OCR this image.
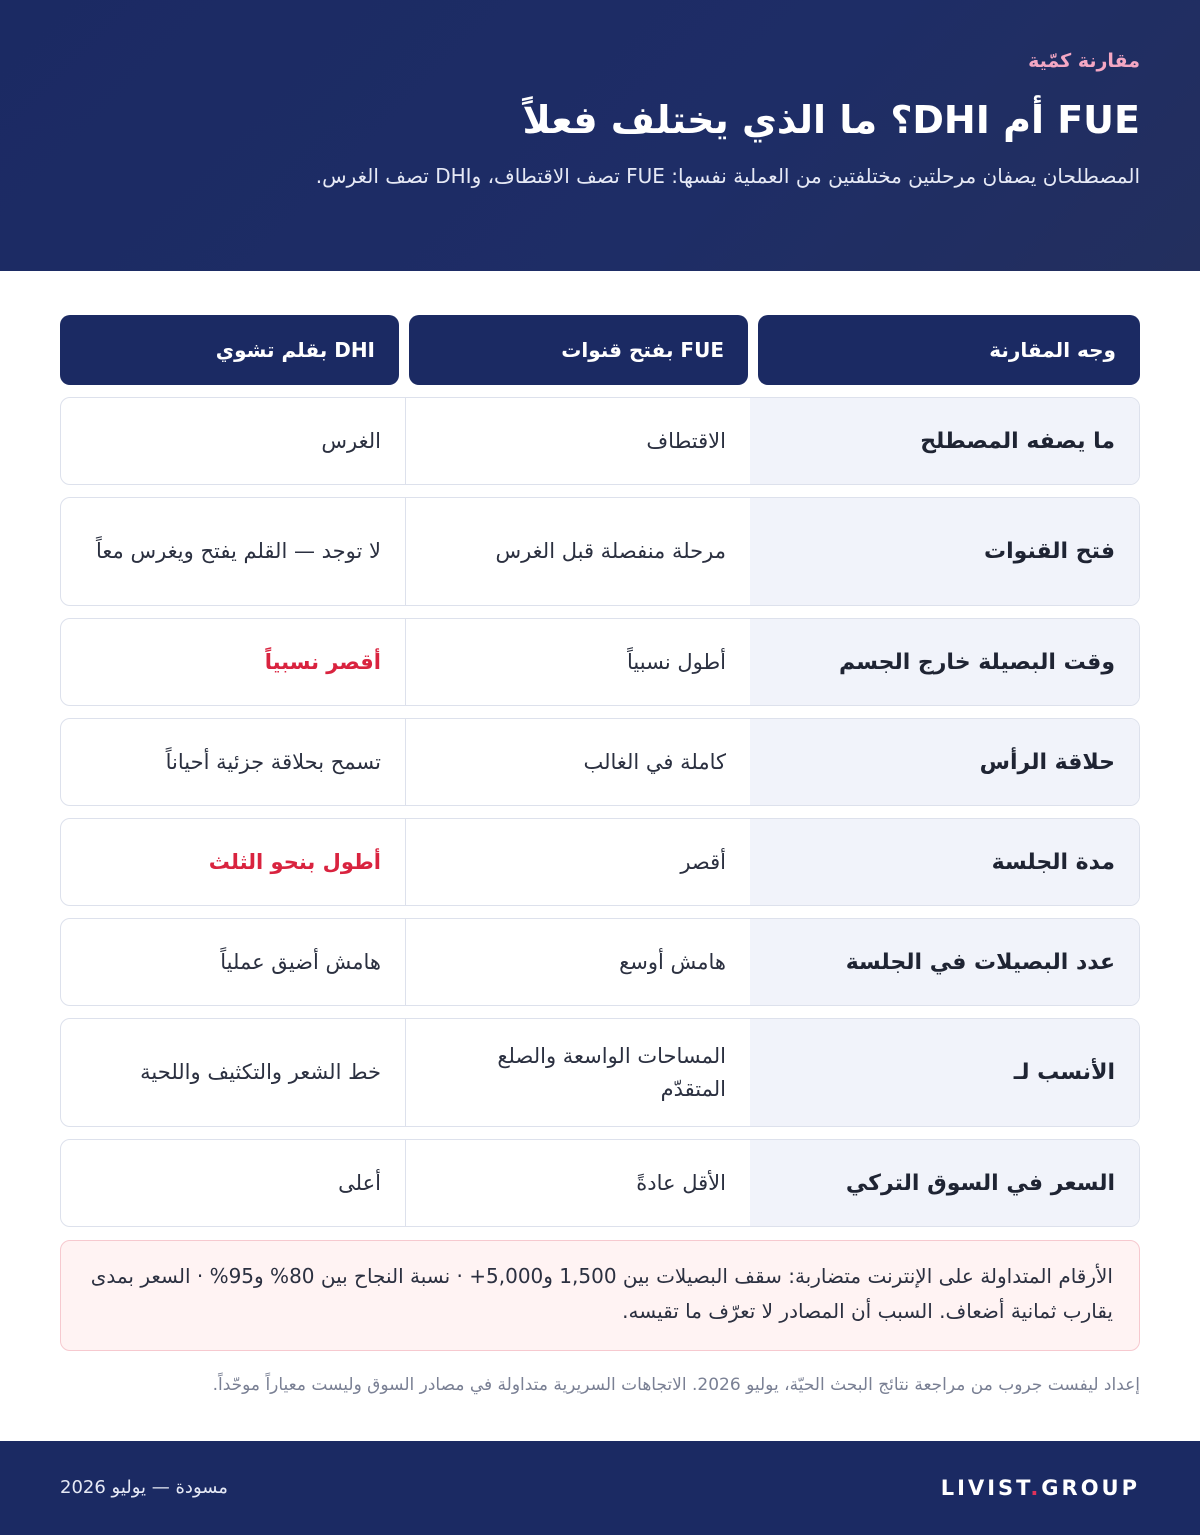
مقارنة كمّية
FUE أم DHI؟ ما الذي يختلف فعلاً
المصطلحان يصفان مرحلتين مختلفتين من العملية نفسها: FUE تصف الاقتطاف، وDHI تصف الغرس.
وجه المقارنة
FUE بفتح قنوات
DHI بقلم تشوي
ما يصفه المصطلح
الاقتطاف
الغرس
فتح القنوات
مرحلة منفصلة قبل الغرس
لا توجد — القلم يفتح ويغرس معاً
وقت البصيلة خارج الجسم
أطول نسبياً
أقصر نسبياً
حلاقة الرأس
كاملة في الغالب
تسمح بحلاقة جزئية أحياناً
مدة الجلسة
أقصر
أطول بنحو الثلث
عدد البصيلات في الجلسة
هامش أوسع
هامش أضيق عملياً
الأنسب لـ
المساحات الواسعة والصلع المتقدّم
خط الشعر والتكثيف واللحية
السعر في السوق التركي
الأقل عادةً
أعلى
الأرقام المتداولة على الإنترنت متضاربة: سقف البصيلات بين 1,500 و5,000+ · نسبة النجاح بين 80% و95% · السعر بمدى يقارب ثمانية أضعاف. السبب أن المصادر لا تعرّف ما تقيسه.
إعداد ليفست جروب من مراجعة نتائج البحث الحيّة، يوليو 2026. الاتجاهات السريرية متداولة في مصادر السوق وليست معياراً موحّداً.
LIVIST.GROUP
مسودة — يوليو 2026
